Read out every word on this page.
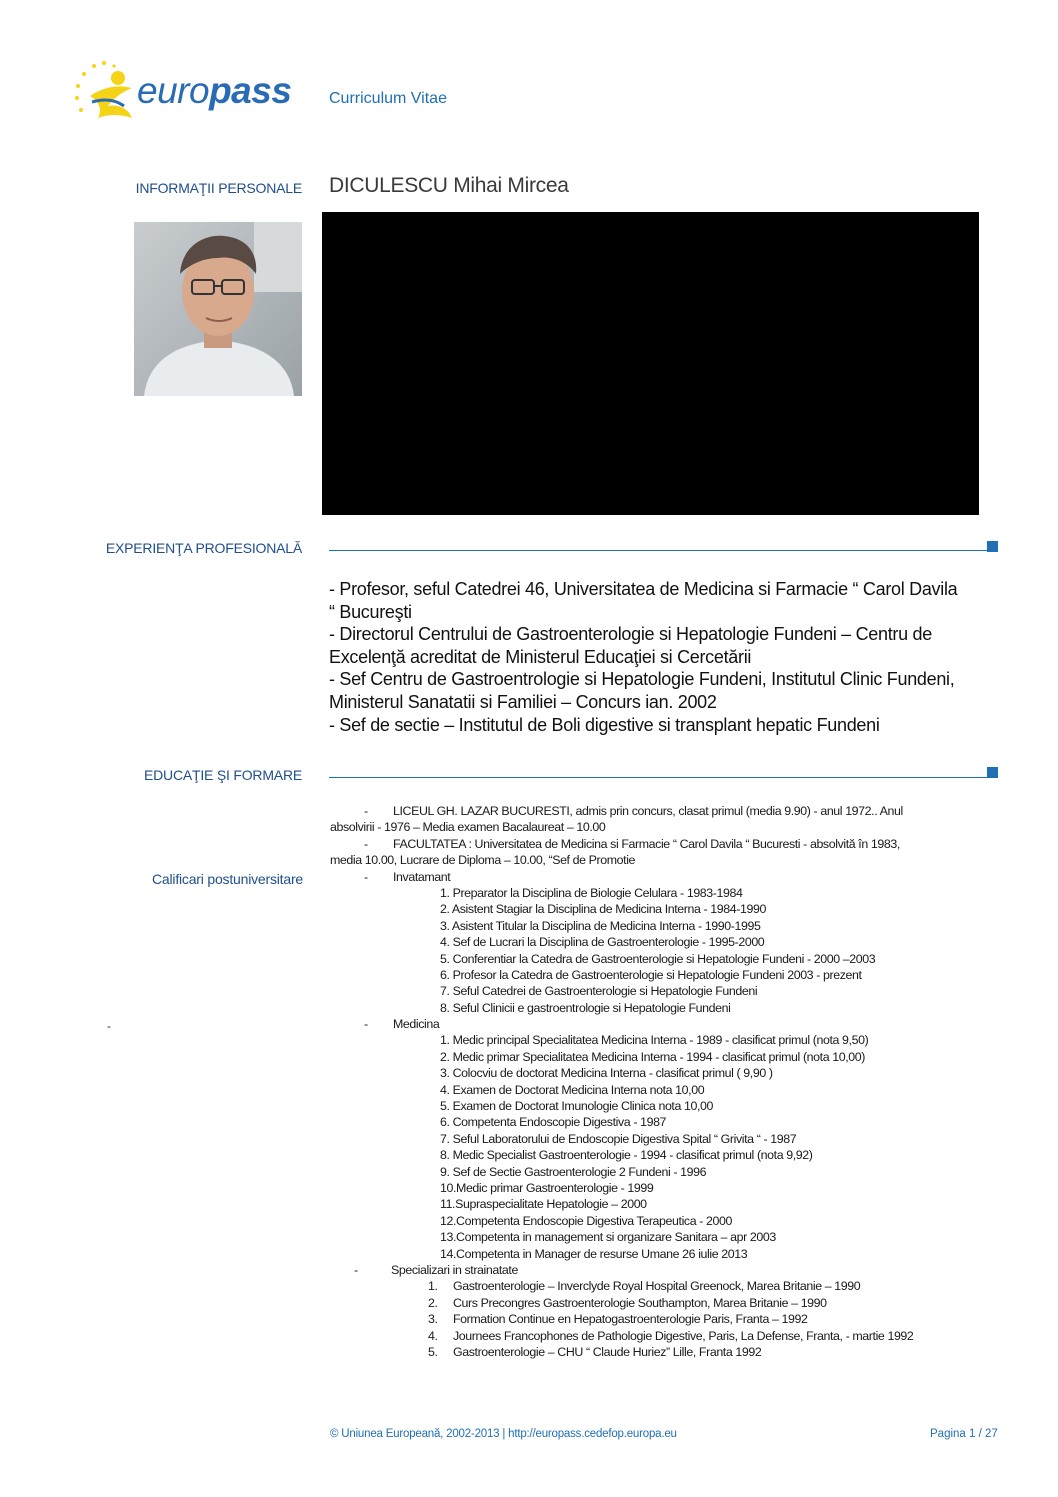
europass Curriculum Vitae
INFORMAŢII PERSONALE DICULESCU Mihai Mircea
EXPERIENŢA PROFESIONALĂ
- Profesor, seful Catedrei 46, Universitatea de Medicina si Farmacie “ Carol Davila
“ Bucureşti
- Directorul Centrului de Gastroenterologie si Hepatologie Fundeni – Centru de
Excelenţă acreditat de Ministerul Educaţiei si Cercetării
- Sef Centru de Gastroentrologie si Hepatologie Fundeni, Institutul Clinic Fundeni,
Ministerul Sanatatii si Familiei – Concurs ian. 2002
- Sef de sectie – Institutul de Boli digestive si transplant hepatic Fundeni
EDUCAŢIE ŞI FORMARE
Calificari postuniversitare
-
- LICEUL GH. LAZAR BUCURESTI, admis prin concurs, clasat primul (media 9.90) - anul 1972.. Anul
absolvirii - 1976 – Media examen Bacalaureat – 10.00
- FACULTATEA : Universitatea de Medicina si Farmacie “ Carol Davila “ Bucuresti - absolvită în 1983,
media 10.00, Lucrare de Diploma – 10.00, “Sef de Promotie
- Invatamant
1. Preparator la Disciplina de Biologie Celulara - 1983-1984
2. Asistent Stagiar la Disciplina de Medicina Interna - 1984-1990
3. Asistent Titular la Disciplina de Medicina Interna - 1990-1995
4. Sef de Lucrari la Disciplina de Gastroenterologie - 1995-2000
5. Conferentiar la Catedra de Gastroenterologie si Hepatologie Fundeni - 2000 –2003
6. Profesor la Catedra de Gastroenterologie si Hepatologie Fundeni 2003 - prezent
7. Seful Catedrei de Gastroenterologie si Hepatologie Fundeni
8. Seful Clinicii e gastroentrologie si Hepatologie Fundeni
- Medicina
1. Medic principal Specialitatea Medicina Interna - 1989 - clasificat primul (nota 9,50)
2. Medic primar Specialitatea Medicina Interna - 1994 - clasificat primul (nota 10,00)
3. Colocviu de doctorat Medicina Interna - clasificat primul ( 9,90 )
4. Examen de Doctorat Medicina Interna nota 10,00
5. Examen de Doctorat Imunologie Clinica nota 10,00
6. Competenta Endoscopie Digestiva - 1987
7. Seful Laboratorului de Endoscopie Digestiva Spital “ Grivita “ - 1987
8. Medic Specialist Gastroenterologie - 1994 - clasificat primul (nota 9,92)
9. Sef de Sectie Gastroenterologie 2 Fundeni - 1996
10.Medic primar Gastroenterologie - 1999
11.Supraspecialitate Hepatologie – 2000
12.Competenta Endoscopie Digestiva Terapeutica - 2000
13.Competenta in management si organizare Sanitara – apr 2003
14.Competenta in Manager de resurse Umane 26 iulie 2013
-	Specializari in strainatate
1. Gastroenterologie – Inverclyde Royal Hospital Greenock, Marea Britanie – 1990
2. Curs Precongres Gastroenterologie Southampton, Marea Britanie – 1990
3. Formation Continue en Hepatogastroenterologie Paris, Franta – 1992
4. Journees Francophones de Pathologie Digestive, Paris, La Defense, Franta, - martie 1992
5. Gastroenterologie – CHU “ Claude Huriez” Lille, Franta 1992
© Uniunea Europeană, 2002-2013 | http://europass.cedefop.europa.eu	Pagina 1 / 27
